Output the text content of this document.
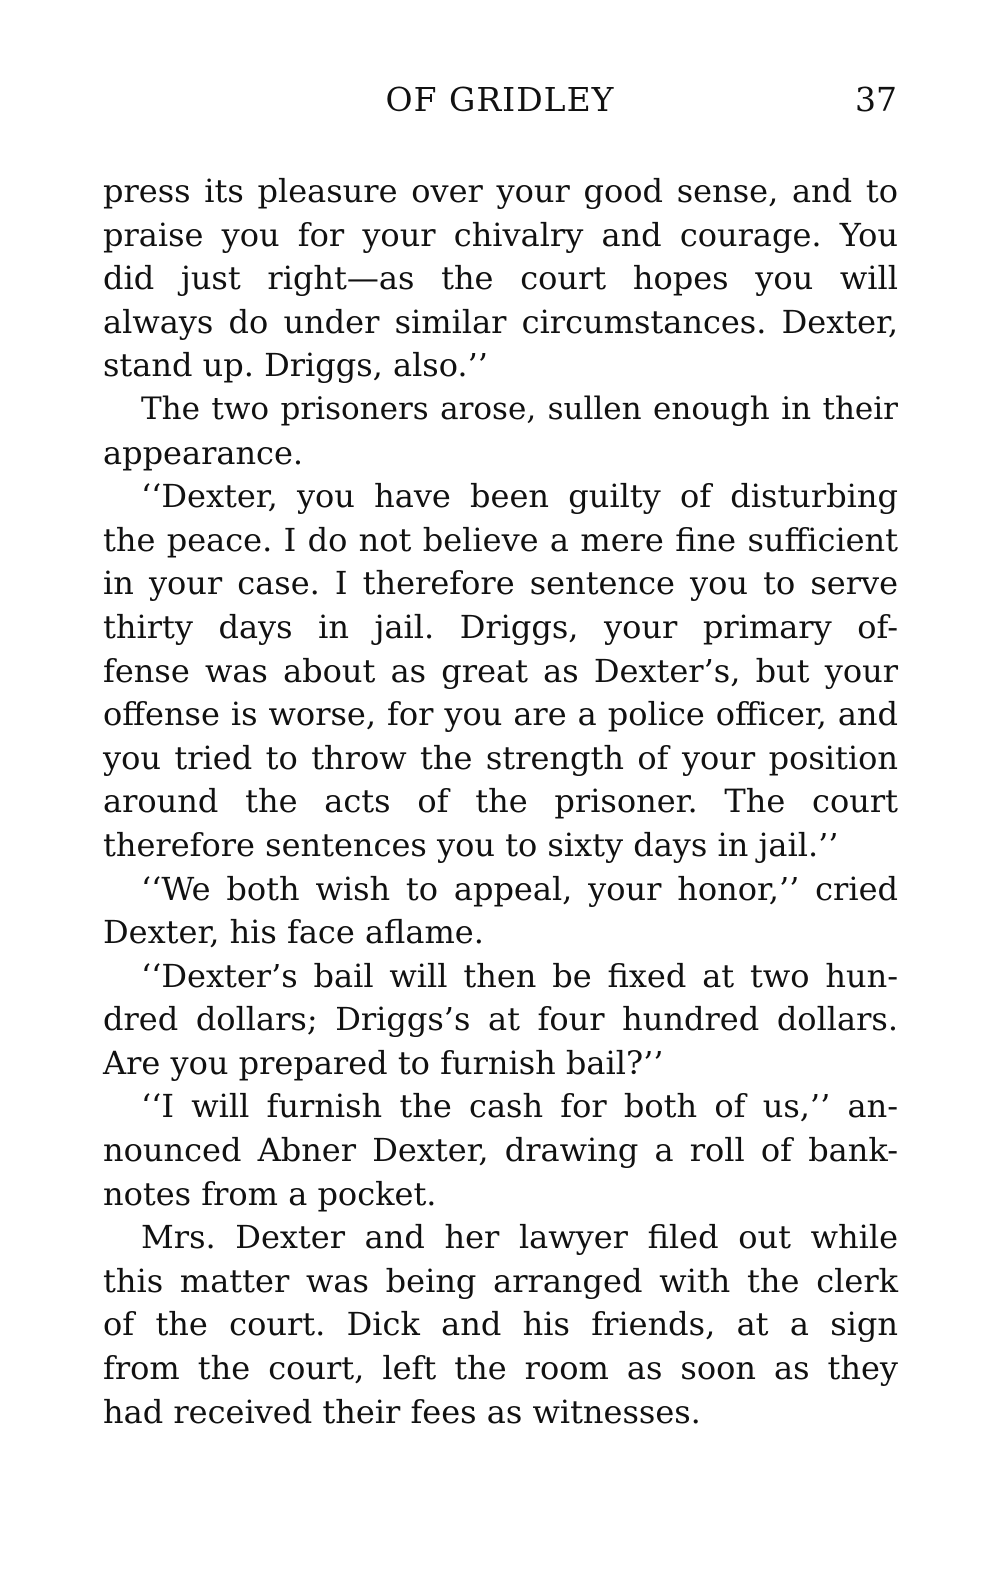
OF GRIDLEY	37

press its pleasure over your good sense, and to
praise you for your chivalry and courage. You
did just right—as the court hopes you will
always do under similar circumstances. Dexter,
stand up. Driggs, also.’’

The two prisoners arose, sullen enough in their
appearance.

‘‘Dexter, you have been guilty of disturbing
the peace. I do not believe a mere fine sufficient
in your case. I therefore sentence you to serve
thirty days in jail. Driggs, your primary of-
fense was about as great as Dexter’s, but your
offense is worse, for you are a police officer, and
you tried to throw the strength of your position
around the acts of the prisoner. The court
therefore sentences you to sixty days in jail.’’

‘‘We both wish to appeal, your honor,’’ cried
Dexter, his face aflame.

‘‘Dexter’s bail will then be fixed at two hun-
dred dollars; Driggs’s at four hundred dollars.
Are you prepared to furnish bail?’’

‘‘I will furnish the cash for both of us,’’ an-
nounced Abner Dexter, drawing a roll of bank-
notes from a pocket.

Mrs. Dexter and her lawyer filed out while
this matter was being arranged with the clerk
of the court. Dick and his friends, at a sign
from the court, left the room as soon as they
had received their fees as witnesses.
